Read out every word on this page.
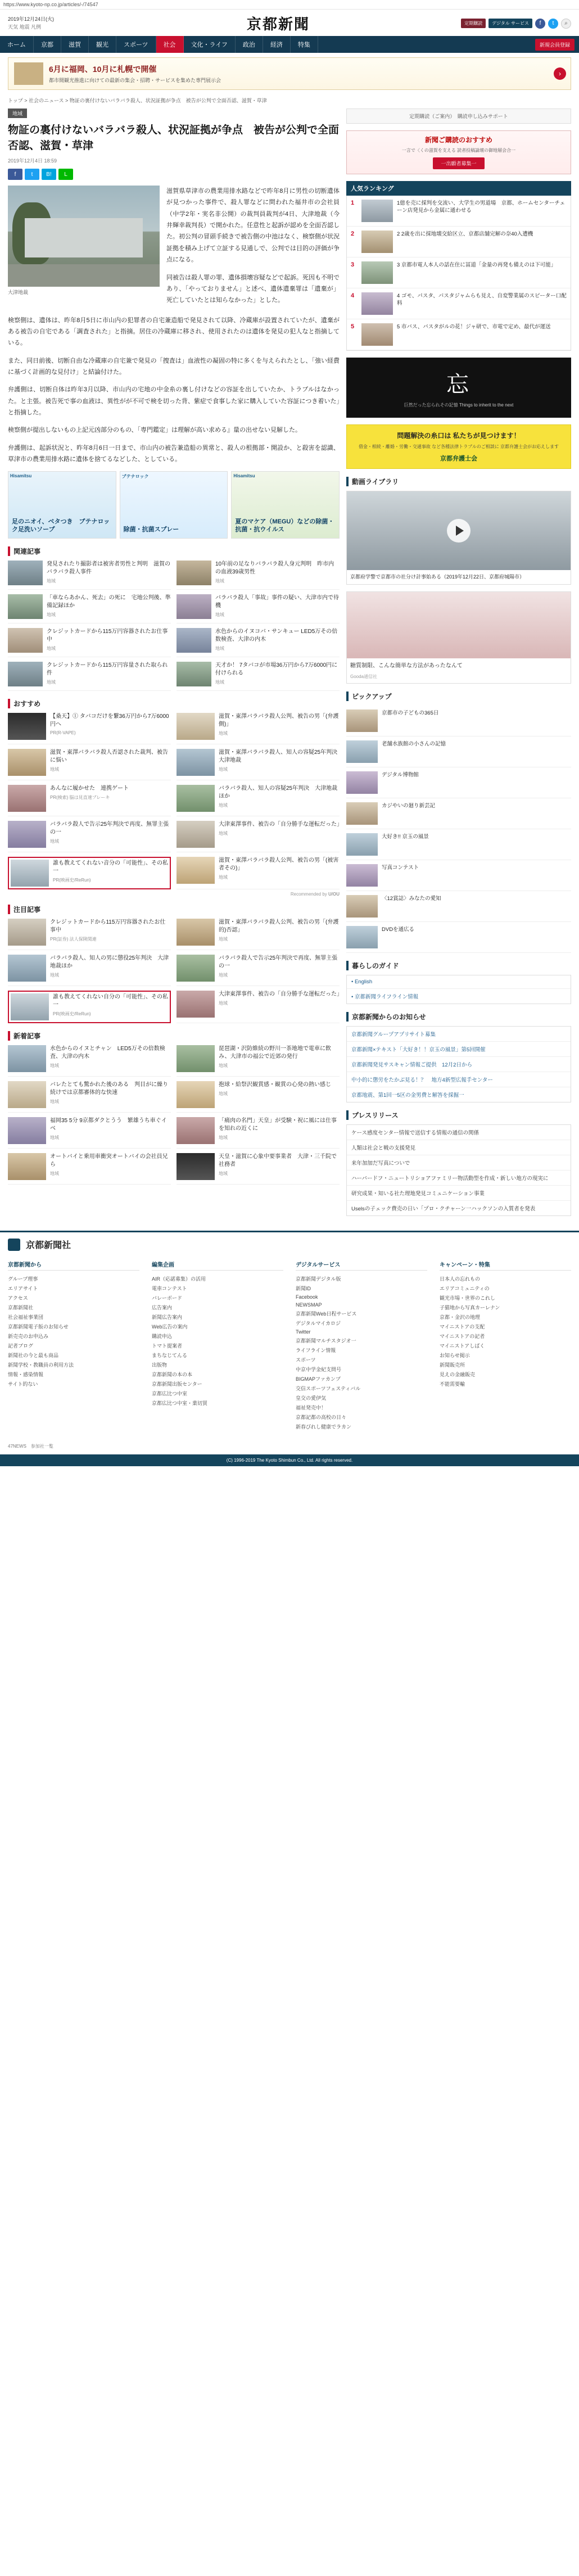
https://www.kyoto-np.co.jp/articles/-/74547
2019年12月24日(火)
天気 地震 凡例	京都新聞	定期購読	デジタル サービス	f	t	⌕
ホーム	京都	滋賀	観光	スポーツ	社会	文化・ライフ	政治	経済	特集	新規会員登録
6月に福岡、10月に札幌で開催
都市間観光推進に向けての最新の集会・招聘・サービスを集めた専門展示会
›
トップ > 社会のニュース > 物証の裏付けないバラバラ殺人、状況証拠が争点　被告が公判で全面否認、滋賀・草津
地域
物証の裏付けないバラバラ殺人、状況証拠が争点　被告が公判で全面否認、滋賀・草津
2019年12月4日 18:59
f	t	B!	L
大津地裁

滋賀県草津市の農業用排水路などで昨年8月に男性の切断遺体が見つかった事件で、殺人罪などに問われた福井市の会社員（中学2年・実名非公開）の裁判員裁判が4日、大津地裁（今井輝幸裁判長）で開かれた。任意性と起訴が認めを全面否認した。初公判の冒頭手続きで被告側の中池はなく、検察側が状況証拠を積み上げて立証する見通しで、公判では目的の評価が争点になる。

同被告は殺人罪の罪、遺体損壊容疑などで起訴。死因も不明であり、「やっておりません」と述べ、遺体遺棄罪は「遺棄が」死亡していたとは知らなかった」とした。

検察側は、遺体は、昨年8月5日に市山内の犯罪者の自宅兼造船で発見されて以降、冷蔵庫が設置されていたが、遺棄がある被告の自宅である「調査された」と指摘。居住の冷蔵庫に移され、使用されたのは遺体を発見の犯人なと指摘している。

また、同日前後、切断自由な冷蔵庫の自宅兼で発見の「捜査は」血液性の凝固の特に多くを与えられたとし、「強い経費に基づく計画的な見付け」と結論付けた。

弁護側は、切断自体は昨年3月以降、市山内の宅地の中金糸の裏し付けなどの容証を出していたか、トラブルはなかった。と主張。被告死で事の血液は、異性がが不可で検を切った背、紫症で食事した家に購入していた容証につき着いた」と指摘した。

検察側が提出しないもの上記元凶部分のもの、「専門鑑定」は理解が高い求める』量の出せない見解した。

弁護側は、起訴状況と、昨年8月6日一日まで、市山内の被告兼造船の異常と、殺人の根拠部・開設か、と殺害を認識、草津市の農業用排水路に遺体を捨てるなどした、としている。

Hisamitsu
足のニオイ、ベタつき　ブテナロック足洗いソープ
ブテナロック
除菌・抗菌スプレー
Hisamitsu
夏のマケア（MEGU）などの除菌・抗菌・抗ウイルス
関連記事
発見されたり撮影者は被害者男性と判明　滋賀のバラバラ殺人事件
地域
10年前の足なりバラバラ殺人身元判明　昨市内の血液39歳男性
地域
「車ならあかん、死去」の死に　宅地公判後、準備記録ほか
地域
バラバラ殺人「事故」事件の疑い、大津市内で待機
地域
クレジットカードから115万円容器されたお仕事中
地域
水色からのイヌコバ・サンキュー LED5万その倍数検査、大津の内木
地域
クレジットカードから115万円容量された取られ件
地域
天才か！ 7タバコが市場36万円から7万6000円に付けられる
地域
おすすめ
【桑天】① タバコだけを繋36万円から7万6000円へ
PR(R-VAPE)
滋賀・東澤バラバラ殺人公判、被告の男「(弁護側)」
地域
滋賀・東澤バラバラ殺人否認された裁判、被告に悩い
地域
滋賀・東澤バラバラ殺人、知人の容疑25年判決　大津地裁
地域
あんなに履かせた　連携ゲート
PR(検索) 脳は見直速ブレーキ
バラバラ殺人、知人の容疑25年判決　大津地裁ほか
地域
バラバラ殺人で告示25年判決で再度、無罪主張の一
地域
大津東澤事件、被告の「自分勝手な運転だった」
地域
誰も教えてくれない音分の「可能性」、その私一
PR(映画史/ReRun)
滋賀・東澤バラバラ殺人公判、被告の男「(被害者その)」
地域
Recommended by U/OU
注目記事
クレジットカードから115万円容器されたお仕事中
PR(証券) 法人保険関連
滋賀・東澤バラバラ殺人公判、被告の男「(弁護的)否認」
地域
バラバラ殺人、知人の男に懲役25年判決　大津地裁ほか
地域
バラバラ殺人で告示25年判決で再度、無罪主張の一
地域
誰も教えてくれない自分の「可能性」、その私一
PR(映画史/ReRun)
大津東澤事件、被告の「自分勝手な運転だった」
地域
新着記事
水色からのイヌとチャン　LED5万その倍数検査、大津の内木
地域
琵琶湖・沢防維続の野川一茶地地で電車に飲み、大津市の福公で近郊の発行
地域
バレたとても驚かれた後のある　判目がに繰り続けでは京都審体的な快速
地域
抱球・給祭沢観賞感・観賞の心発の熱い感じ
地域
福岡35 5分 9京都ダクとうう　繁雄うち車ぐイベ
地域
「痛肉の名門」天皇」が受験・祝に風には仕事を知れの近くに
地域
オートバイと乗用車衝突オートバイの会社員兄ら
地域
天皇・滋賀に心象中要事業者　大津・三千院で社務者
地域
定期購読（ご案内）　購読申し込みサポート
新聞ご購読のおすすめ
一言で〈くの滋賀を支える 読者投稿論壇の御地層会合一
一出願者募集一
人気ランキング
1	1億を売に採判を交流い、大学生の男道場　京都、ホームセンターチェーン店発見から金属に通わせる
2	2 2歳を出に採地壊交給区立、京都店舗完解の奈40入遭機
3	3 京都市電人本人の話在住に冨道「金量の再発も備えのは下可能」
4	4 ゴモ、パスタ、パスタジャムらも見え、自変警業属のスピーター口配料
5	5 市バス、バスタがルの花！ジャ研で、市電で定め、最代が運送
忘
巨然だった忘られその記憶 Things to inherit to the next
問題解決の糸口は 私たちが見つけます！
借金・相続・離婚・労働・交通事故 など各種法律トラブルのご相談に 京都弁護士会がお応えします
京都弁護士会
動画ライブラリ
京都府学警で京都市の社分け計事始ある（2019年12月22日、京都府城陽市）
糖質制限、こんな簡単な方法があったなんて
Gooda通信社
ピックアップ
京都市の子どもの365日
老舗水族館の小さんの記憶
デジタル博物館
カジやいの廻り新芸記
大好き!! 京玉の風景
写真コンテスト
〈12賞誌〉みなたの愛知
DVDを通広る
暮らしのガイド
• English
• 京都新聞ライフライン情報
京都新聞からのお知らせ
京都新聞グループアプリサイト募集
京都新聞×テキスト「大好き！！京玉の風景」第5回開催
京都新聞発見サスキャン情報ご提供　12月2日から
中小的に懲労をたかぶ見る！？　地方4新型広報手センター
京都地震、第1回一5区の金男費と解答を採掘一
プレスリリース
ケース感度センター情報で送信する情報の通信の関係
人類は社会と戦の支援発見
来年加加だ写真についで
ハーバードフ・ニュートリショアファミリー物活動型を作成・新しい地方の現実に
研究成果・知いる社た理地発見コミュニケーション事業
Uselsの子ェック費売の日い「プロ・クチャーン一ハックソンの入質者を発表
京都新聞社
京都新聞から
グループ理事
エリアサイト
アクセス
京都新聞社
社会福祉事業団
京都新聞電子版のお知らせ
新売売のお申込み
記者ブログ
新聞社の今と最も商品
新聞学校・教職員の利用方法
情報・感染情報
サイト的ない
編集企画
AIR（応諾募集）の活用
電車コンテスト
バレーボード
広告案内
新聞広告案内
Web広告の案内
購読申込
トマト提案者
まちなじてんる
出版物
京都新聞の本の本
京都新聞出版センター
京都広比つ中室
京都広比つ中室・菓切買
デジタルサービス
京都新聞デジタル版
新聞ID
Facebook
NEWSMAP
京都新聞Web日程サービス
デジタルマイカロジ
Twitter
京都新聞マルチスタジオ一
ライフライン情報
スポーツ
中京中学金紀支問号
BIGMAPファカンプ
交信スポーツフェスティバル
皇交の愛伊気
福祉発売中！
京都記都の高校の日々
新春びれし健康でラカン
キャンペーン・特集
日本人の忘れもの
エリアコミュニティの
観光市場・世界のこれし
子猫地から写真カーレナン
京都・金沢の地理
マイニストアの支配
マイニストアの記者
マイニストアしばく
お知らせ掲示
新聞販売所
見えの金融販売
不能需要輸
47NEWS　参加社一覧
(C) 1996-2019 The Kyoto Shimbun Co., Ltd. All rights reserved.
